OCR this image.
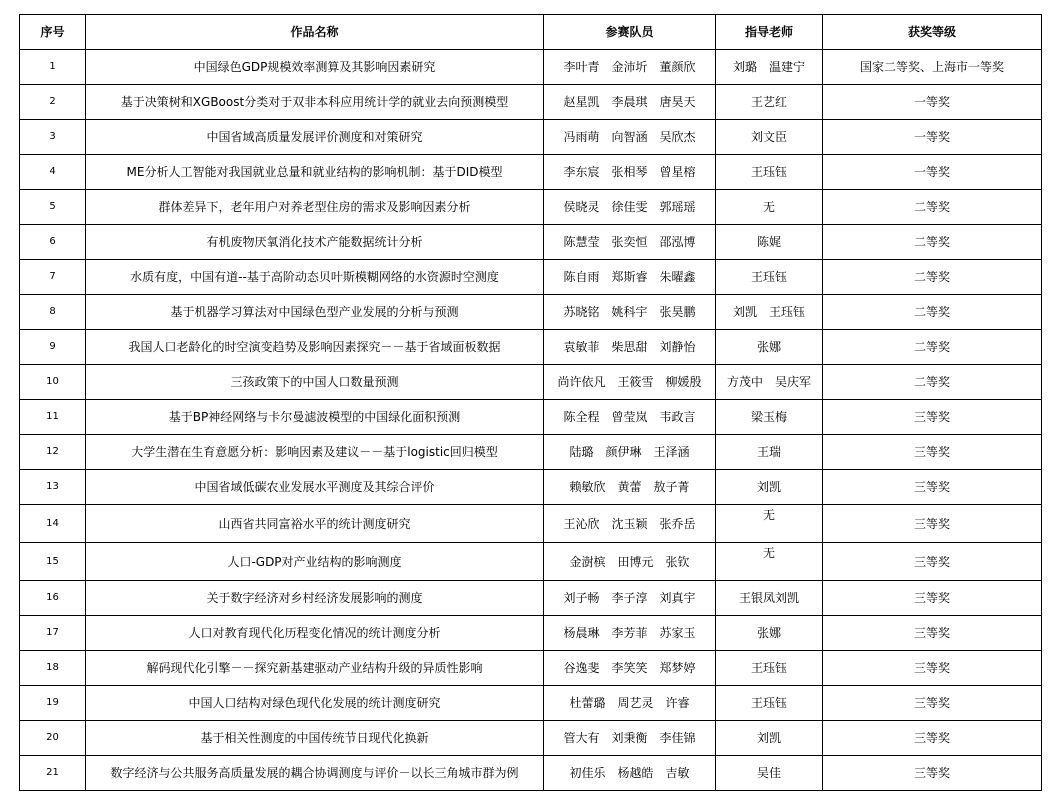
序号	作品名称	参赛队员	指导老师	获奖等级
1	中国绿色GDP规模效率测算及其影响因素研究	李叶青 金沛圻 董颜欣	刘璐 温建宁	国家二等奖、上海市一等奖
2	基于决策树和XGBoost分类对于双非本科应用统计学的就业去向预测模型	赵星凯 李晨琪 唐昊天	王艺红	一等奖
3	中国省域高质量发展评价测度和对策研究	冯雨萌 向智涵 吴欣杰	刘文臣	一等奖
4	ME分析人工智能对我国就业总量和就业结构的影响机制：基于DID模型	李东宸 张相琴 曾星榕	王珏钰	一等奖
5	群体差异下，老年用户对养老型住房的需求及影响因素分析	侯晓灵 徐佳雯 郭瑶瑶	无	二等奖
6	有机废物厌氧消化技术产能数据统计分析	陈慧莹 张奕恒 邵泓博	陈娓	二等奖
7	水质有度，中国有道--基于高阶动态贝叶斯模糊网络的水资源时空测度	陈自雨 郑斯睿 朱曜鑫	王珏钰	二等奖
8	基于机器学习算法对中国绿色型产业发展的分析与预测	苏晓铭 姚科宇 张昊鹏	刘凯 王珏钰	二等奖
9	我国人口老龄化的时空演变趋势及影响因素探究－－基于省域面板数据	袁敏菲 柴思甜 刘静怡	张娜	二等奖
10	三孩政策下的中国人口数量预测	尚许依凡 王筱雪 柳媛殷	方茂中 吴庆军	二等奖
11	基于BP神经网络与卡尔曼滤波模型的中国绿化面积预测	陈全程 曾莹岚 韦政言	梁玉梅	三等奖
12	大学生潜在生育意愿分析：影响因素及建议－－基于logistic回归模型	陆璐 颜伊琳 王泽涵	王瑞	三等奖
13	中国省域低碳农业发展水平测度及其综合评价	赖敏欣 黄蕾 敖子菁	刘凯	三等奖
14	山西省共同富裕水平的统计测度研究	王沁欣 沈玉颖 张乔岳	无	三等奖
15	人口-GDP对产业结构的影响测度	金澍槟 田博元 张钦	无	三等奖
16	关于数字经济对乡村经济发展影响的测度	刘子畅 李子淳 刘真宇	王银凤刘凯	三等奖
17	人口对教育现代化历程变化情况的统计测度分析	杨晨琳 李芳菲 苏家玉	张娜	三等奖
18	解码现代化引擎－－探究新基建驱动产业结构升级的异质性影响	谷逸斐 李笑笑 郑梦婷	王珏钰	三等奖
19	中国人口结构对绿色现代化发展的统计测度研究	杜蕾璐 周艺灵 许睿	王珏钰	三等奖
20	基于相关性测度的中国传统节日现代化换新	管大有 刘秉衡 李佳锦	刘凯	三等奖
21	数字经济与公共服务高质量发展的耦合协调测度与评价－以长三角城市群为例	初佳乐 杨越皓 吉敏	吴佳	三等奖
